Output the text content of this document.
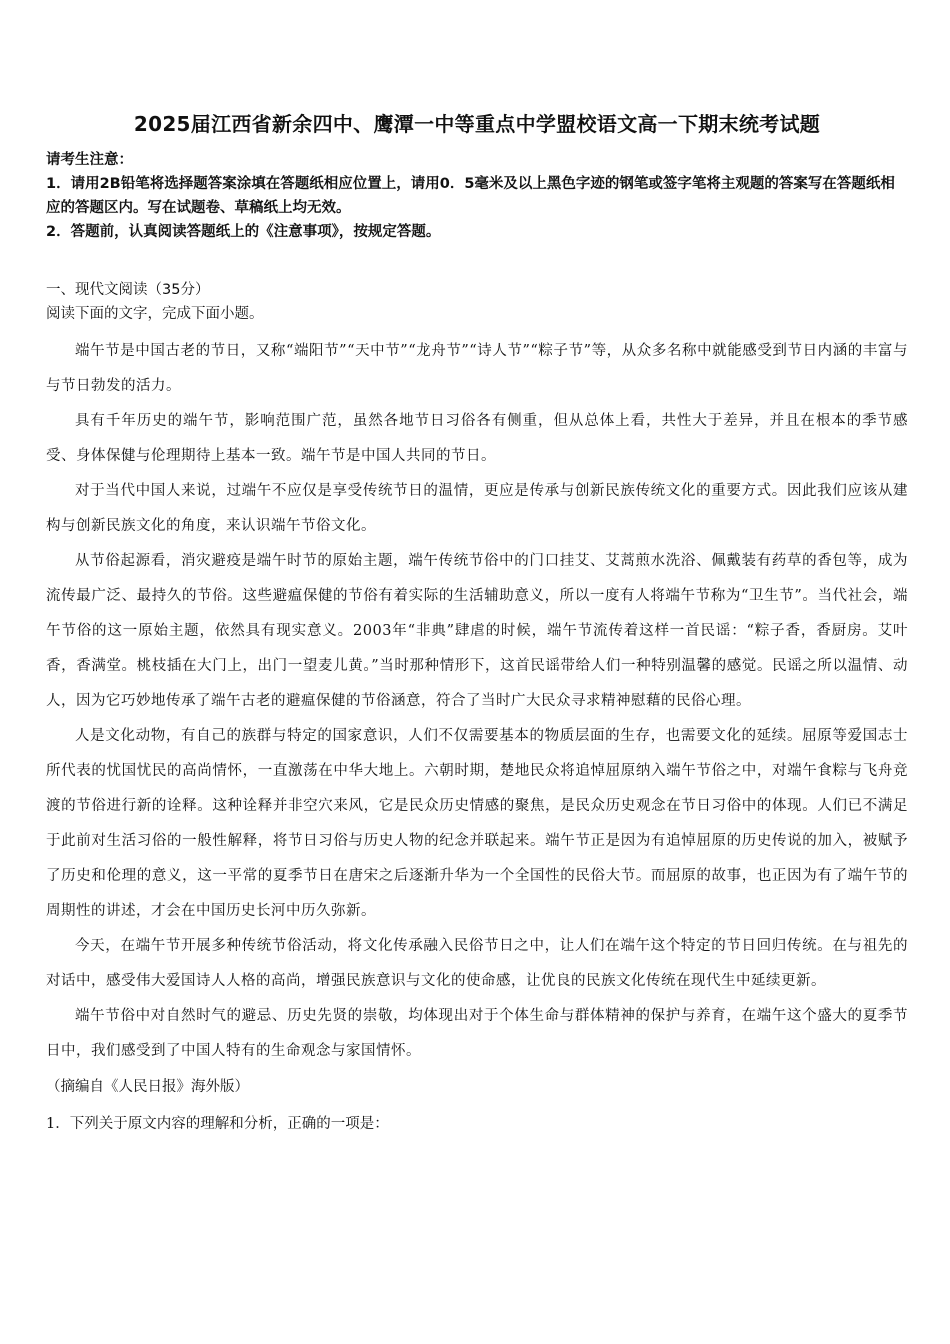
2025届江西省新余四中、鹰潭一中等重点中学盟校语文高一下期末统考试题

请考生注意：

1．请用2B铅笔将选择题答案涂填在答题纸相应位置上，请用0．5毫米及以上黑色字迹的钢笔或签字笔将主观题的答案写在答题纸相应的答题区内。写在试题卷、草稿纸上均无效。

2．答题前，认真阅读答题纸上的《注意事项》，按规定答题。

一、现代文阅读（35分）

阅读下面的文字，完成下面小题。

端午节是中国古老的节日，又称“端阳节”“天中节”“龙舟节”“诗人节”“粽子节”等，从众多名称中就能感受到节日内涵的丰富与与节日勃发的活力。

具有千年历史的端午节，影响范围广范，虽然各地节日习俗各有侧重，但从总体上看，共性大于差异，并且在根本的季节感受、身体保健与伦理期待上基本一致。端午节是中国人共同的节日。

对于当代中国人来说，过端午不应仅是享受传统节日的温情，更应是传承与创新民族传统文化的重要方式。因此我们应该从建构与创新民族文化的角度，来认识端午节俗文化。

从节俗起源看，消灾避疫是端午时节的原始主题，端午传统节俗中的门口挂艾、艾蒿煎水洗浴、佩戴装有药草的香包等，成为流传最广泛、最持久的节俗。这些避瘟保健的节俗有着实际的生活辅助意义，所以一度有人将端午节称为“卫生节”。当代社会，端午节俗的这一原始主题，依然具有现实意义。2003年“非典”肆虐的时候，端午节流传着这样一首民谣：“粽子香，香厨房。艾叶香，香满堂。桃枝插在大门上，出门一望麦儿黄。”当时那种情形下，这首民谣带给人们一种特别温馨的感觉。民谣之所以温情、动人，因为它巧妙地传承了端午古老的避瘟保健的节俗涵意，符合了当时广大民众寻求精神慰藉的民俗心理。

人是文化动物，有自己的族群与特定的国家意识，人们不仅需要基本的物质层面的生存，也需要文化的延续。屈原等爱国志士所代表的忧国忧民的高尚情怀，一直激荡在中华大地上。六朝时期，楚地民众将追悼屈原纳入端午节俗之中，对端午食粽与飞舟竞渡的节俗进行新的诠释。这种诠释并非空穴来风，它是民众历史情感的聚焦，是民众历史观念在节日习俗中的体现。人们已不满足于此前对生活习俗的一般性解释，将节日习俗与历史人物的纪念并联起来。端午节正是因为有追悼屈原的历史传说的加入，被赋予了历史和伦理的意义，这一平常的夏季节日在唐宋之后逐渐升华为一个全国性的民俗大节。而屈原的故事，也正因为有了端午节的周期性的讲述，才会在中国历史长河中历久弥新。

今天，在端午节开展多种传统节俗活动，将文化传承融入民俗节日之中，让人们在端午这个特定的节日回归传统。在与祖先的对话中，感受伟大爱国诗人人格的高尚，增强民族意识与文化的使命感，让优良的民族文化传统在现代生中延续更新。

端午节俗中对自然时气的避忌、历史先贤的崇敬，均体现出对于个体生命与群体精神的保护与养育，在端午这个盛大的夏季节日中，我们感受到了中国人特有的生命观念与家国情怀。

（摘编自《人民日报》海外版）

1．下列关于原文内容的理解和分析，正确的一项是：
